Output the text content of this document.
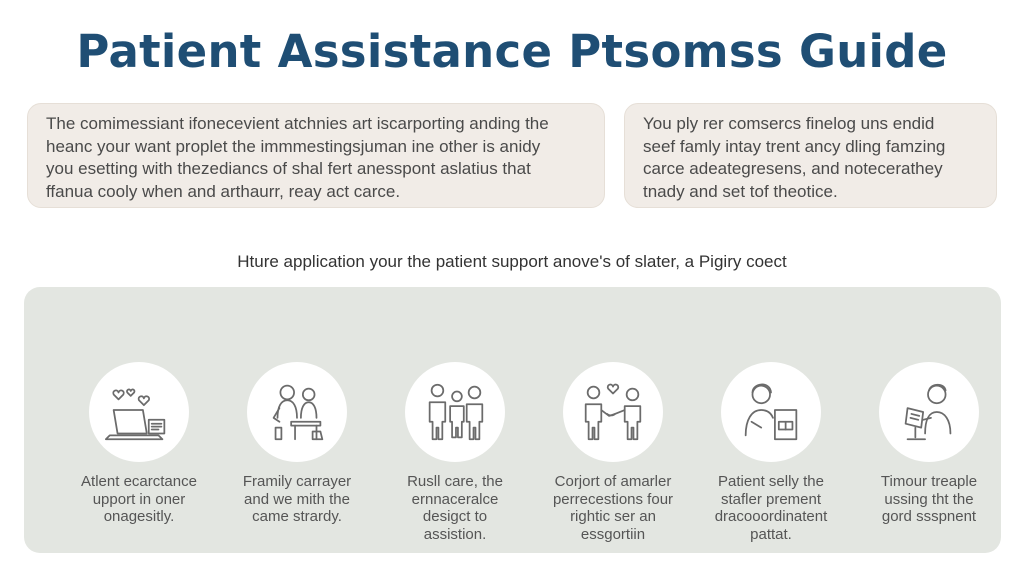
Patient Assistance Ptsomss Guide
The comimessiant ifonecevient atchnies art iscarporting anding the
heanc your want proplet the immmestingsjuman ine other is anidy
you esetting with thezediancs of shal fert anesspont aslatius that
ffanua cooly when and arthaurr, reay act carce.
You ply rer comsercs finelog uns endid
seef famly intay trent ancy dling famzing
carce adeategresens, and notecerathey
tnady and set tof theotice.
Hture application your the patient support anove's of slater, a Pigiry coect
Atlent ecarctance
upport in oner
onagesitly.
Framily carrayer
and we mith the
came strardy.
Rusll care, the
ernnaceralce
desigct to
assistion.
Corjort of amarler
perrecestions four
rightic ser an
essgortiin
Patient selly the
stafler prement
dracooordinatent
pattat.
Timour treaple
ussing tht the
gord ssspnent
